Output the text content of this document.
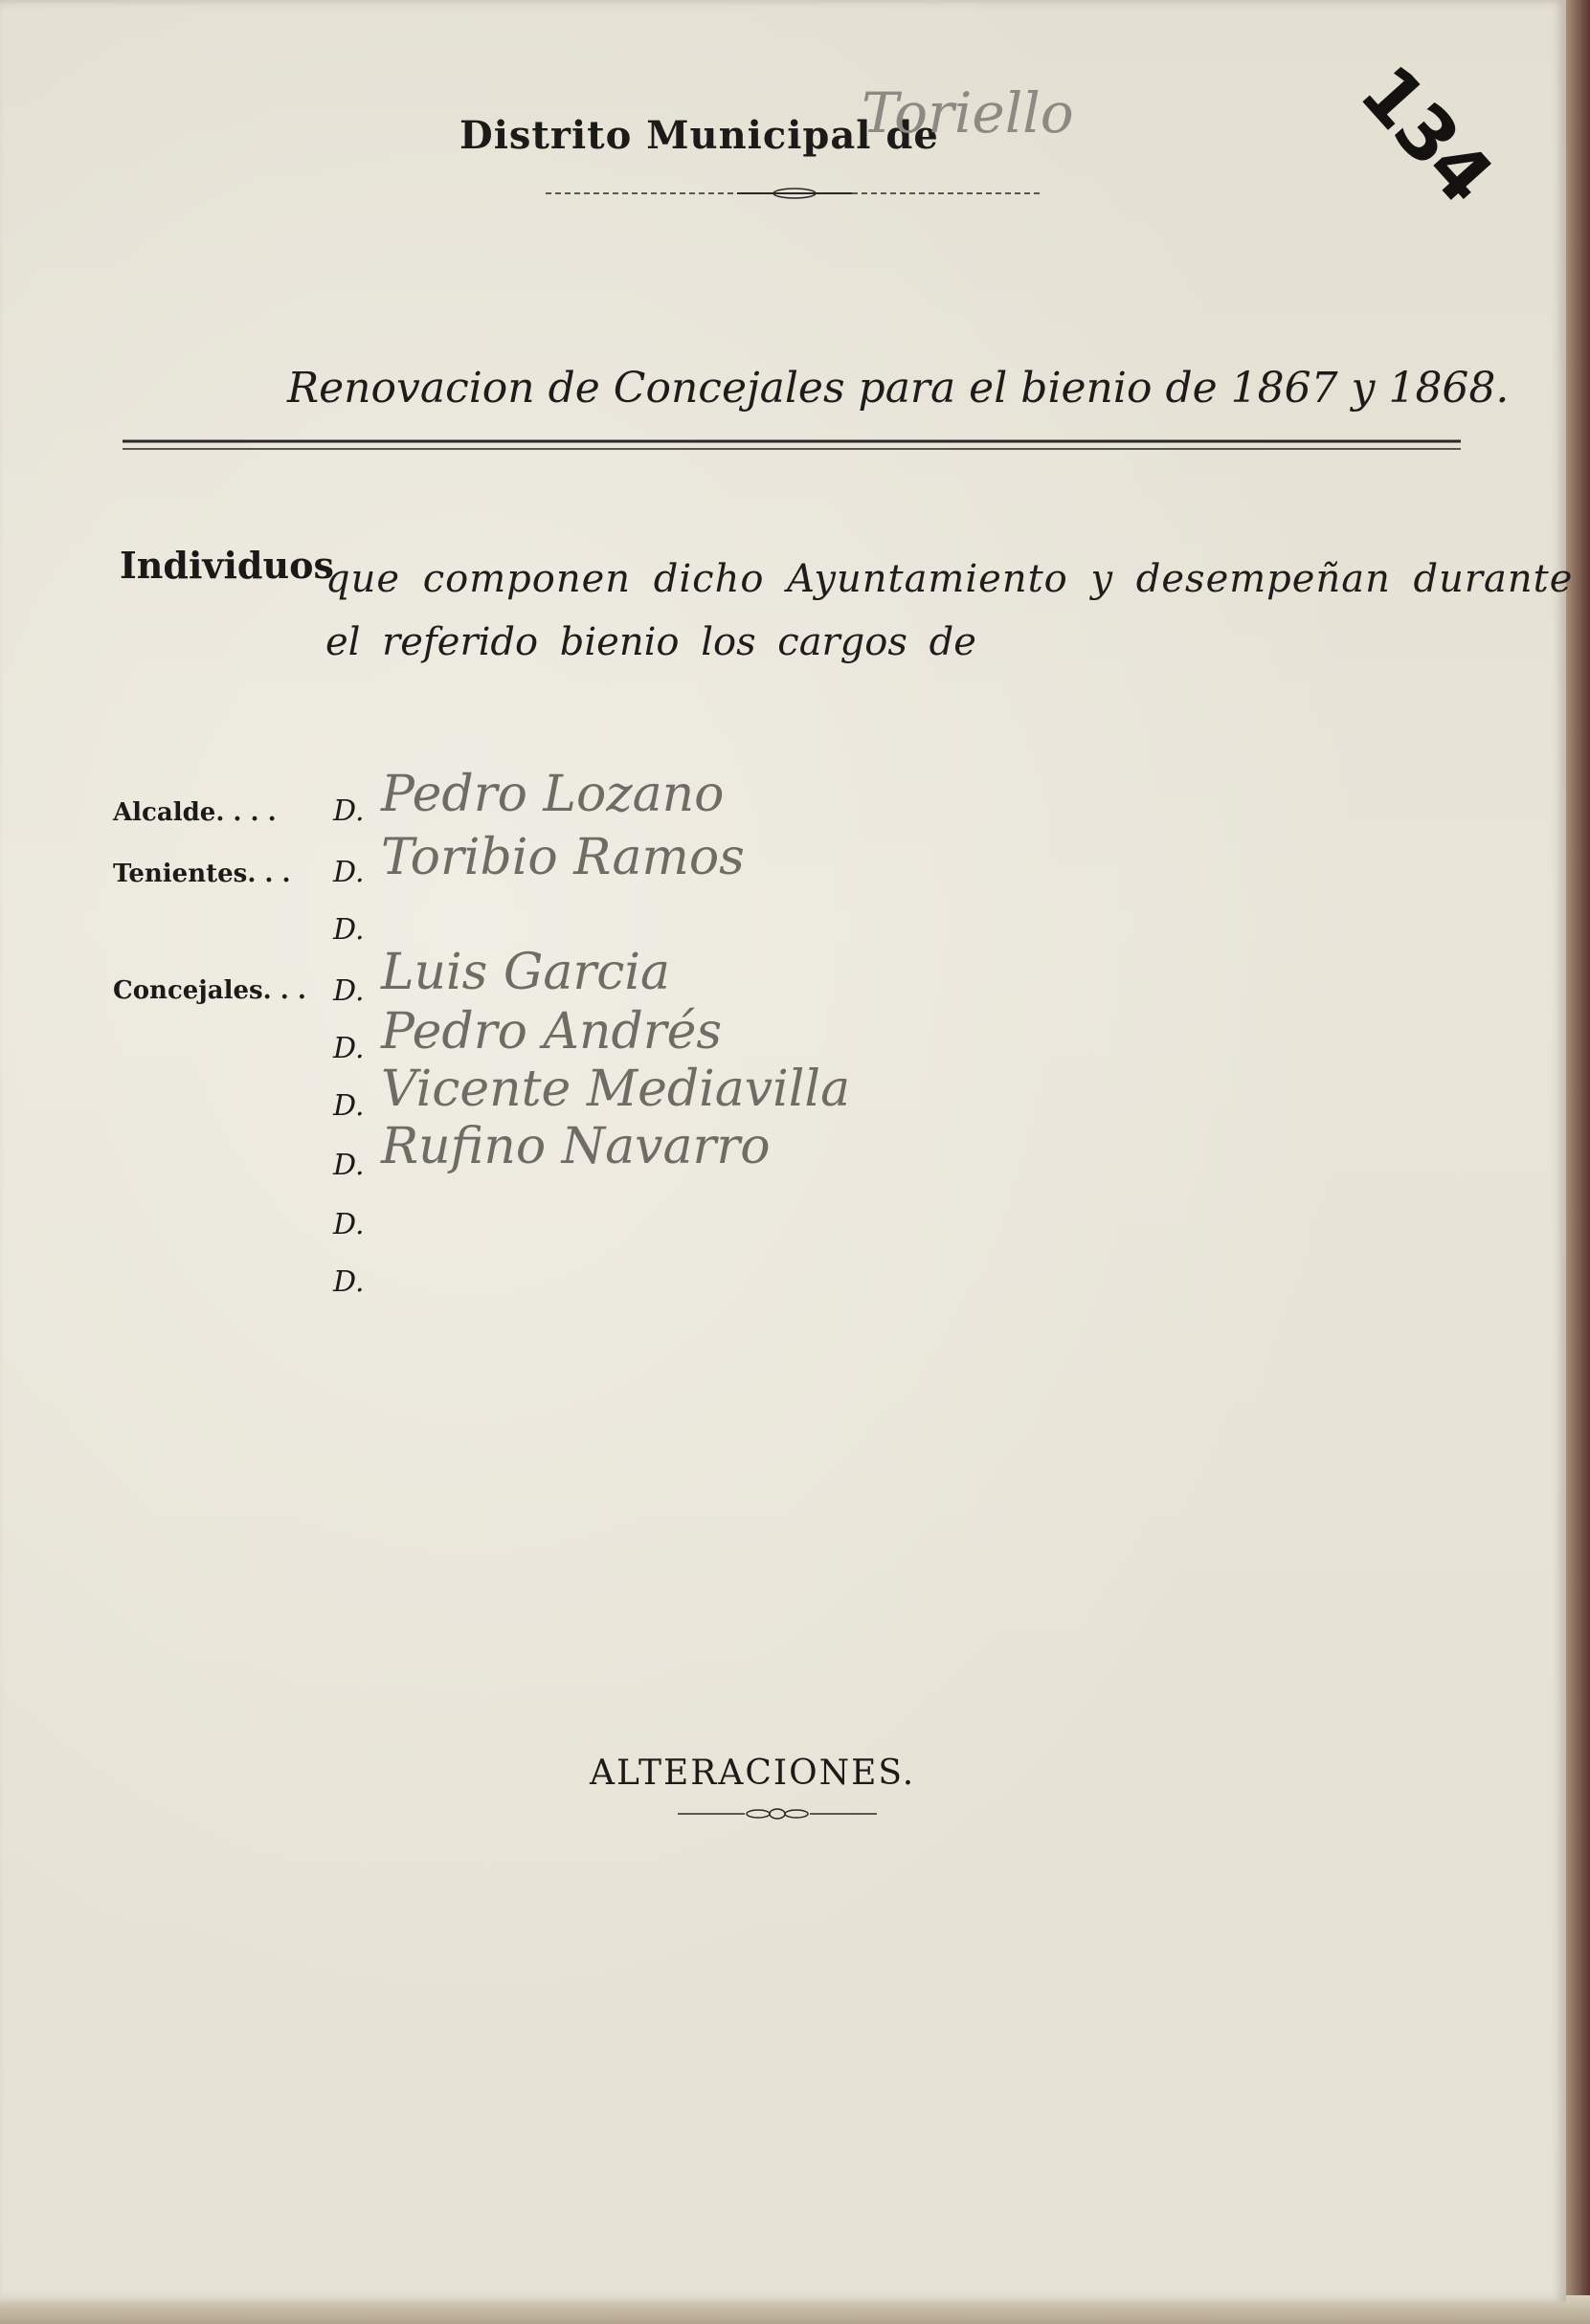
134
Distrito Municipal de
Toriello
Renovacion de Concejales para el bienio de 1867 y 1868.
Individuos
que componen dicho Ayuntamiento y desempeñan durante
el referido bienio los cargos de
Alcalde. . . .
Tenientes. . .
Concejales. . .
D. Pedro Lozano
D. Toribio Ramos
D.
D. Luis Garcia
D. Pedro Andrés
D. Vicente Mediavilla
D. Rufino Navarro
D.
D.
ALTERACIONES.
